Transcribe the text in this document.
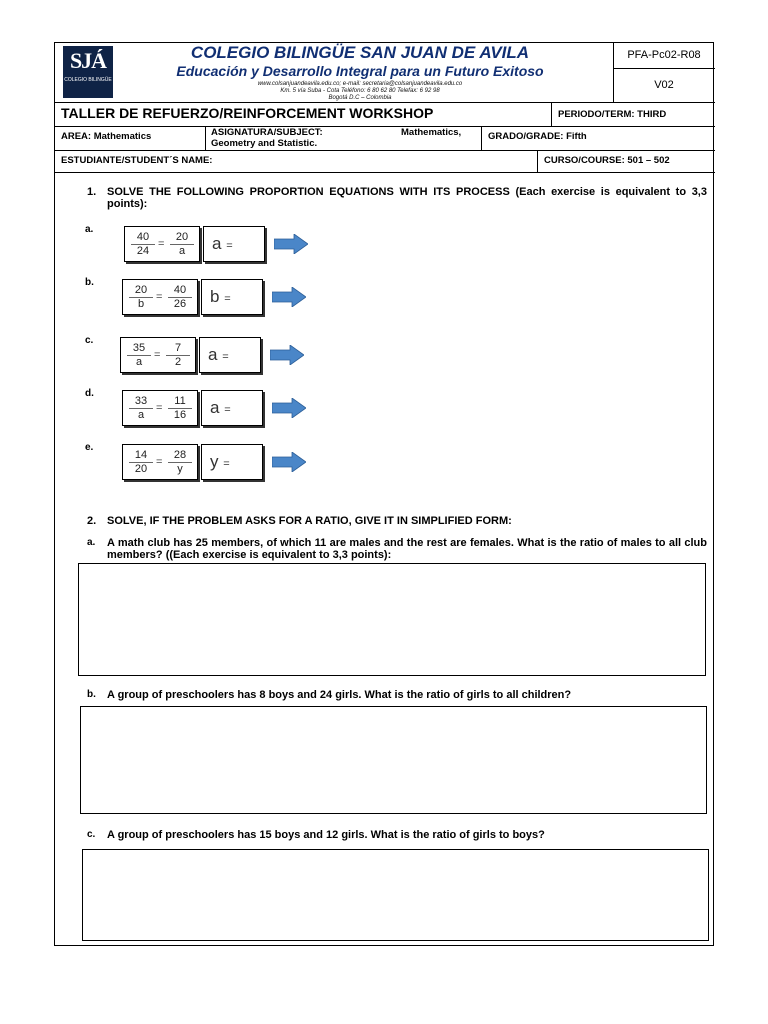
SJÁ
COLEGIO BILINGÜE
COLEGIO BILINGÜE SAN JUAN DE AVILA
Educación y Desarrollo Integral para un Futuro Exitoso
www.colsanjuandeavila.edu.co; e-mail: secretaria@colsanjuandeavila.edu.co
Km. 5 vía Suba - Cota Teléfono: 6 80 62 80 Telefax: 6 92 98
Bogotá D.C – Colombia
PFA-Pc02-R08
V02
TALLER DE REFUERZO/REINFORCEMENT WORKSHOP	PERIODO/TERM: THIRD
AREA: Mathematics	ASIGNATURA/SUBJECT:	Mathematics,
Geometry and Statistic.
GRADO/GRADE: Fifth
ESTUDIANTE/STUDENT´S NAME:	CURSO/COURSE: 501 – 502
1. SOLVE THE FOLLOWING PROPORTION EQUATIONS WITH ITS PROCESS (Each exercise is equivalent to 3,3 points):
a.
$\frac{40}{24} = \frac{20}{a}$	a =
b.
$\frac{20}{b} = \frac{40}{26}$	b =
c.
$\frac{35}{a} = \frac{7}{2}$	a =
d.
$\frac{33}{a} = \frac{11}{16}$	a =
e.
$\frac{14}{20} = \frac{28}{y}$	y =
2. SOLVE, IF THE PROBLEM ASKS FOR A RATIO, GIVE IT IN SIMPLIFIED FORM:
a. A math club has 25 members, of which 11 are males and the rest are females. What is the ratio of males to all club members? ((Each exercise is equivalent to 3,3 points):
b. A group of preschoolers has 8 boys and 24 girls. What is the ratio of girls to all children?
c. A group of preschoolers has 15 boys and 12 girls. What is the ratio of girls to boys?
